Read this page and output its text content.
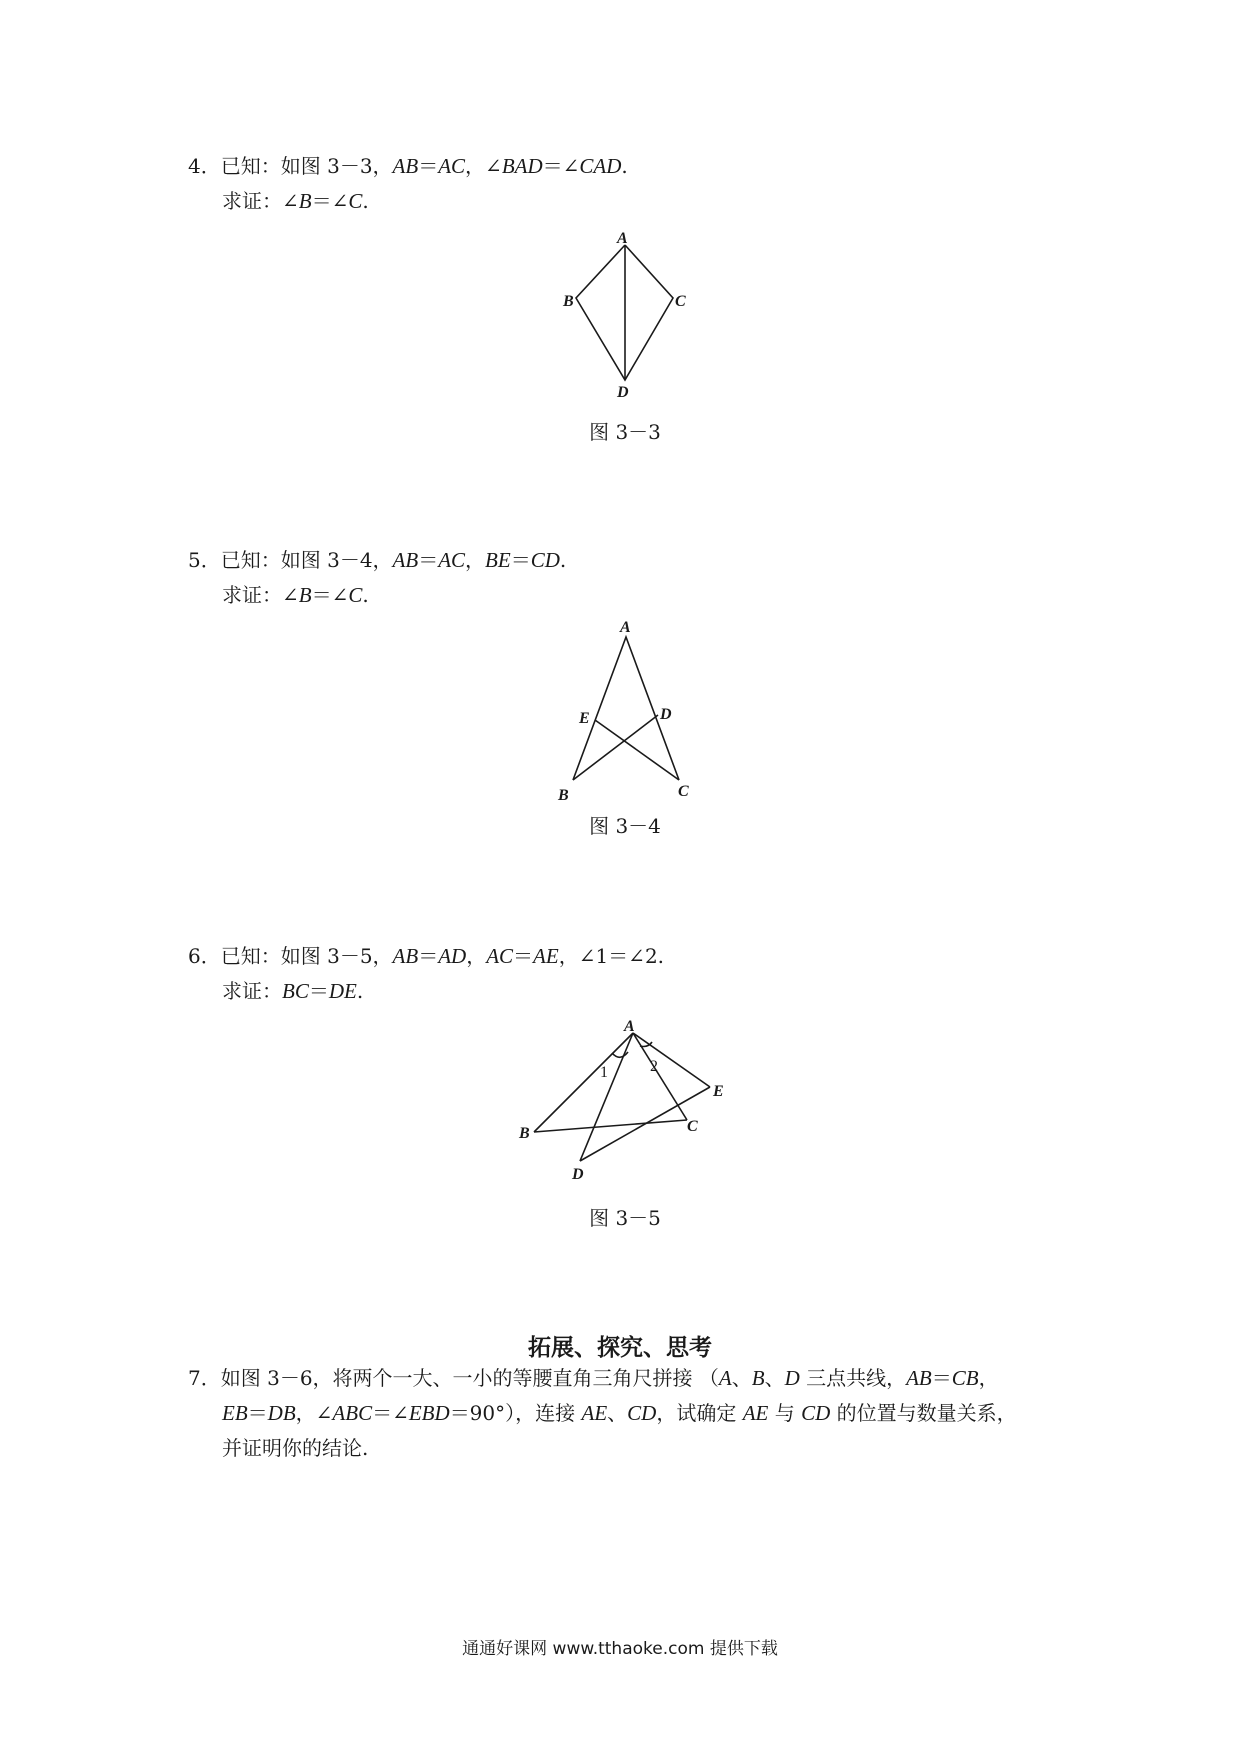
4．已知：如图 3－3，AB＝AC，∠BAD＝∠CAD.
求证：∠B＝∠C.
A
B	C
D
图 3－3
5．已知：如图 3－4，AB＝AC，BE＝CD.
求证：∠B＝∠C.
A
E	D
B	C
图 3－4
6．已知：如图 3－5，AB＝AD，AC＝AE，∠1＝∠2.
求证：BC＝DE.
A
1	2
E
B	C
D
图 3－5
拓展、探究、思考
7．如图 3－6，将两个一大、一小的等腰直角三角尺拼接 （A、B、D 三点共线，AB＝CB，
EB＝DB，∠ABC＝∠EBD＝90°），连接 AE、CD，试确定 AE 与 CD 的位置与数量关系，
并证明你的结论.
通通好课网 www.tthaoke.com 提供下载
